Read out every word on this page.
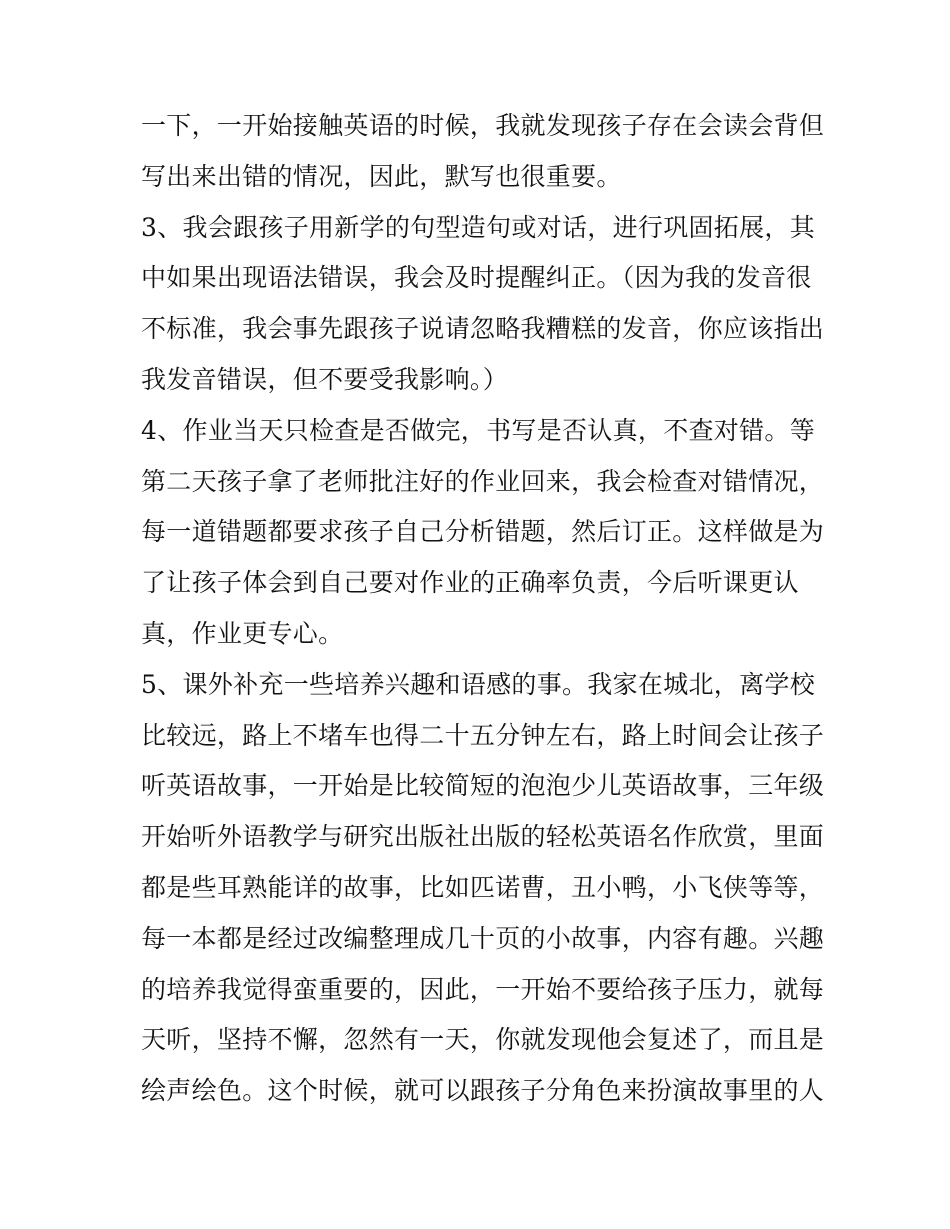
一下，一开始接触英语的时候，我就发现孩子存在会读会背但
写出来出错的情况，因此，默写也很重要。
3、我会跟孩子用新学的句型造句或对话，进行巩固拓展，其
中如果出现语法错误，我会及时提醒纠正。（因为我的发音很
不标准，我会事先跟孩子说请忽略我糟糕的发音，你应该指出
我发音错误，但不要受我影响。）
4、作业当天只检查是否做完，书写是否认真，不查对错。等
第二天孩子拿了老师批注好的作业回来，我会检查对错情况，
每一道错题都要求孩子自己分析错题，然后订正。这样做是为
了让孩子体会到自己要对作业的正确率负责，今后听课更认
真，作业更专心。
5、课外补充一些培养兴趣和语感的事。我家在城北，离学校
比较远，路上不堵车也得二十五分钟左右，路上时间会让孩子
听英语故事，一开始是比较简短的泡泡少儿英语故事，三年级
开始听外语教学与研究出版社出版的轻松英语名作欣赏，里面
都是些耳熟能详的故事，比如匹诺曹，丑小鸭，小飞侠等等，
每一本都是经过改编整理成几十页的小故事，内容有趣。兴趣
的培养我觉得蛮重要的，因此，一开始不要给孩子压力，就每
天听，坚持不懈，忽然有一天，你就发现他会复述了，而且是
绘声绘色。这个时候，就可以跟孩子分角色来扮演故事里的人
